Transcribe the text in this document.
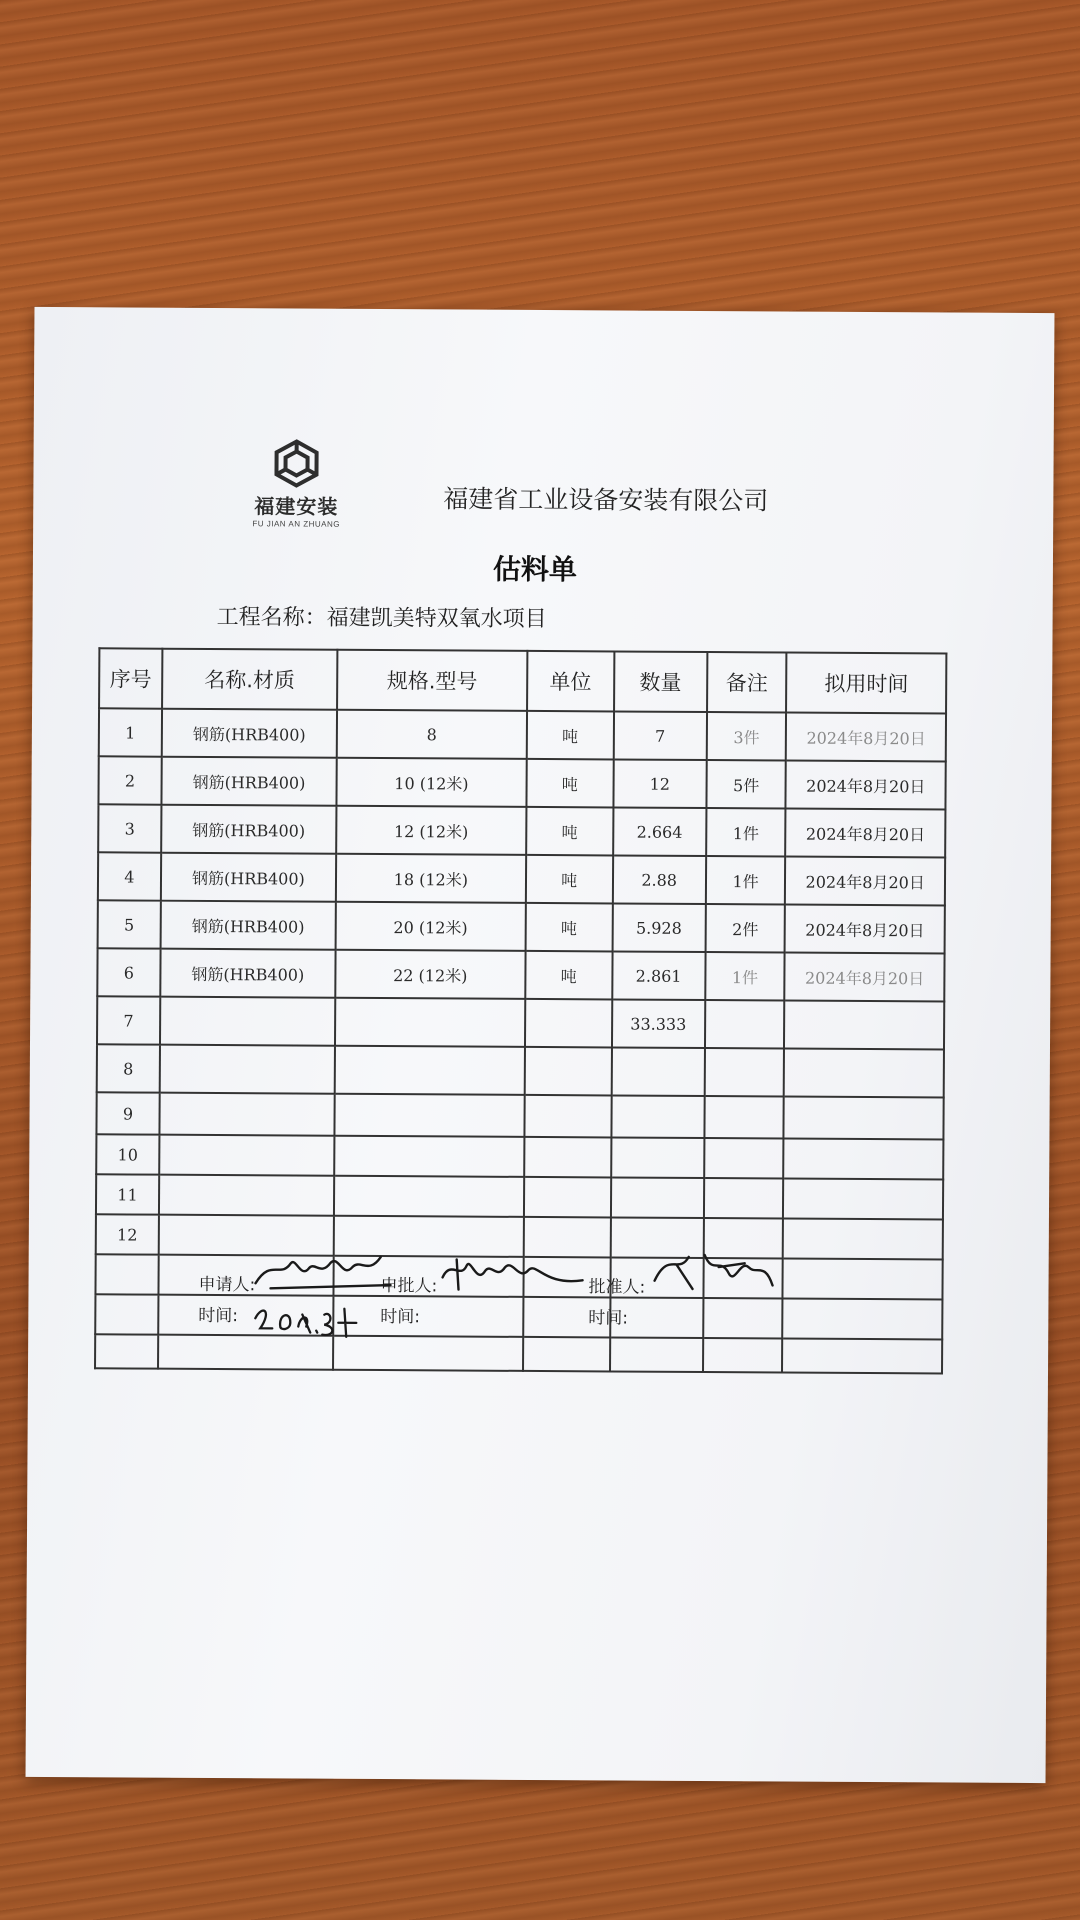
福建安装
FU JIAN AN ZHUANG
福建省工业设备安装有限公司
估料单
工程名称：福建凯美特双氧水项目
序号	名称.材质	规格.型号	单位	数量	备注	拟用时间
1	钢筋(HRB400)	8	吨	7	3件	2024年8月20日
2	钢筋(HRB400)	10 (12米)	吨	12	5件	2024年8月20日
3	钢筋(HRB400)	12 (12米)	吨	2.664	1件	2024年8月20日
4	钢筋(HRB400)	18 (12米)	吨	2.88	1件	2024年8月20日
5	钢筋(HRB400)	20 (12米)	吨	5.928	2件	2024年8月20日
6	钢筋(HRB400)	22 (12米)	吨	2.861	1件	2024年8月20日
7				33.333		
8						
9						
10						
11						
12						

申请人:
时间:
申批人:
时间:
批准人:
时间:
